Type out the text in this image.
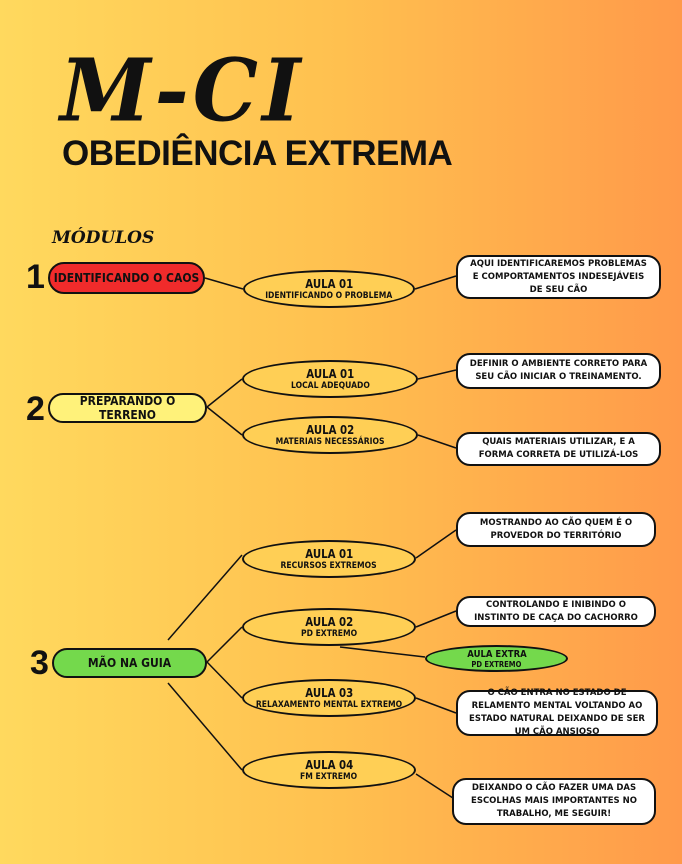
M-CI
OBEDIÊNCIA EXTREMA
MÓDULOS
1 IDENTIFICANDO O CAOS	AULA 01
IDENTIFICANDO O PROBLEMA
AQUI IDENTIFICAREMOS PROBLEMAS E COMPORTAMENTOS INDESEJÁVEIS DE SEU CÃO
2	PREPARANDO O TERRENO
AULA 01
LOCAL ADEQUADO
AULA 02
MATERIAIS NECESSÁRIOS
DEFINIR O AMBIENTE CORRETO PARA SEU CÃO INICIAR O TREINAMENTO.
QUAIS MATERIAIS UTILIZAR, E A FORMA CORRETA DE UTILIZÁ-LOS
3	MÃO NA GUIA
AULA 01
RECURSOS EXTREMOS
AULA 02
PD EXTREMO
AULA 03
RELAXAMENTO MENTAL EXTREMO
AULA 04
FM EXTREMO
AULA EXTRA
PD EXTREMO
MOSTRANDO AO CÃO QUEM É O PROVEDOR DO TERRITÓRIO
CONTROLANDO E INIBINDO O INSTINTO DE CAÇA DO CACHORRO
O CÃO ENTRA NO ESTADO DE RELAMENTO MENTAL VOLTANDO AO ESTADO NATURAL DEIXANDO DE SER UM CÃO ANSIOSO
DEIXANDO O CÃO FAZER UMA DAS ESCOLHAS MAIS IMPORTANTES NO TRABALHO, ME SEGUIR!
